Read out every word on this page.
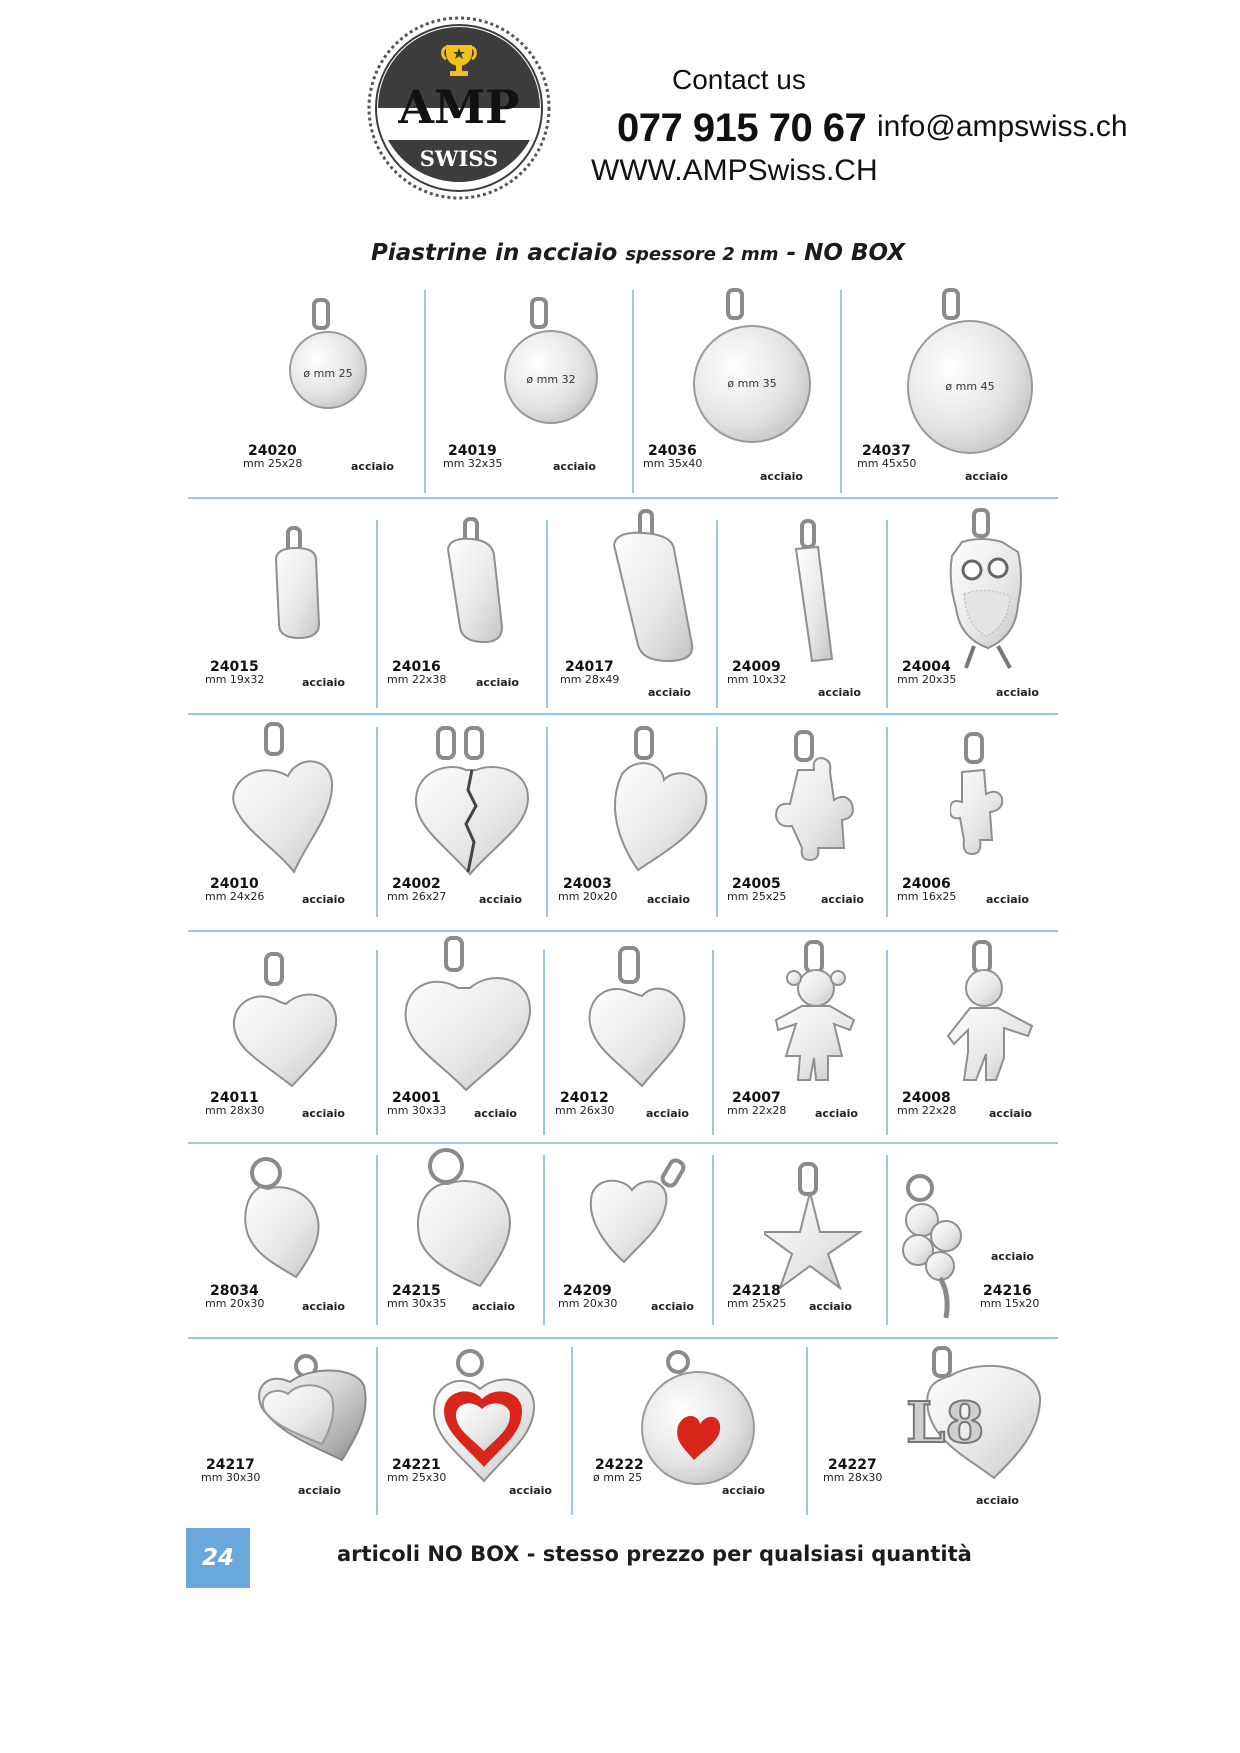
AMP
SWISS
Contact us
077 915 70 67 info@ampswiss.ch
WWW.AMPSwiss.CH
Piastrine in acciaio spessore 2 mm - NO BOX
ø mm 25
24020
mm 25x28	acciaio
ø mm 32
24019
mm 32x35	acciaio
ø mm 35
24036
mm 35x40
acciaio
ø mm 45
24037
mm 45x50
acciaio
24015
mm 19x32	acciaio
24016
mm 22x38	acciaio
24017
mm 28x49
acciaio
24009
mm 10x32
acciaio
24004
mm 20x35
acciaio
24010
mm 24x26	acciaio
24002
mm 26x27	acciaio
24003
mm 20x20	acciaio
24005
mm 25x25	acciaio
24006
mm 16x25	acciaio
24011
mm 28x30	acciaio
24001
mm 30x33	acciaio
24012
mm 26x30	acciaio
24007
mm 22x28	acciaio
24008
mm 22x28	acciaio
28034
mm 20x30	acciaio
24215
mm 30x35 acciaio
24209
mm 20x30	acciaio
24218
mm 25x25 acciaio
acciaio
24216
mm 15x20
24217
mm 30x30
acciaio
24221
mm 25x30
acciaio
24222
ø mm 25
acciaio
L8
24227
mm 28x30
acciaio
24	articoli NO BOX - stesso prezzo per qualsiasi quantità
